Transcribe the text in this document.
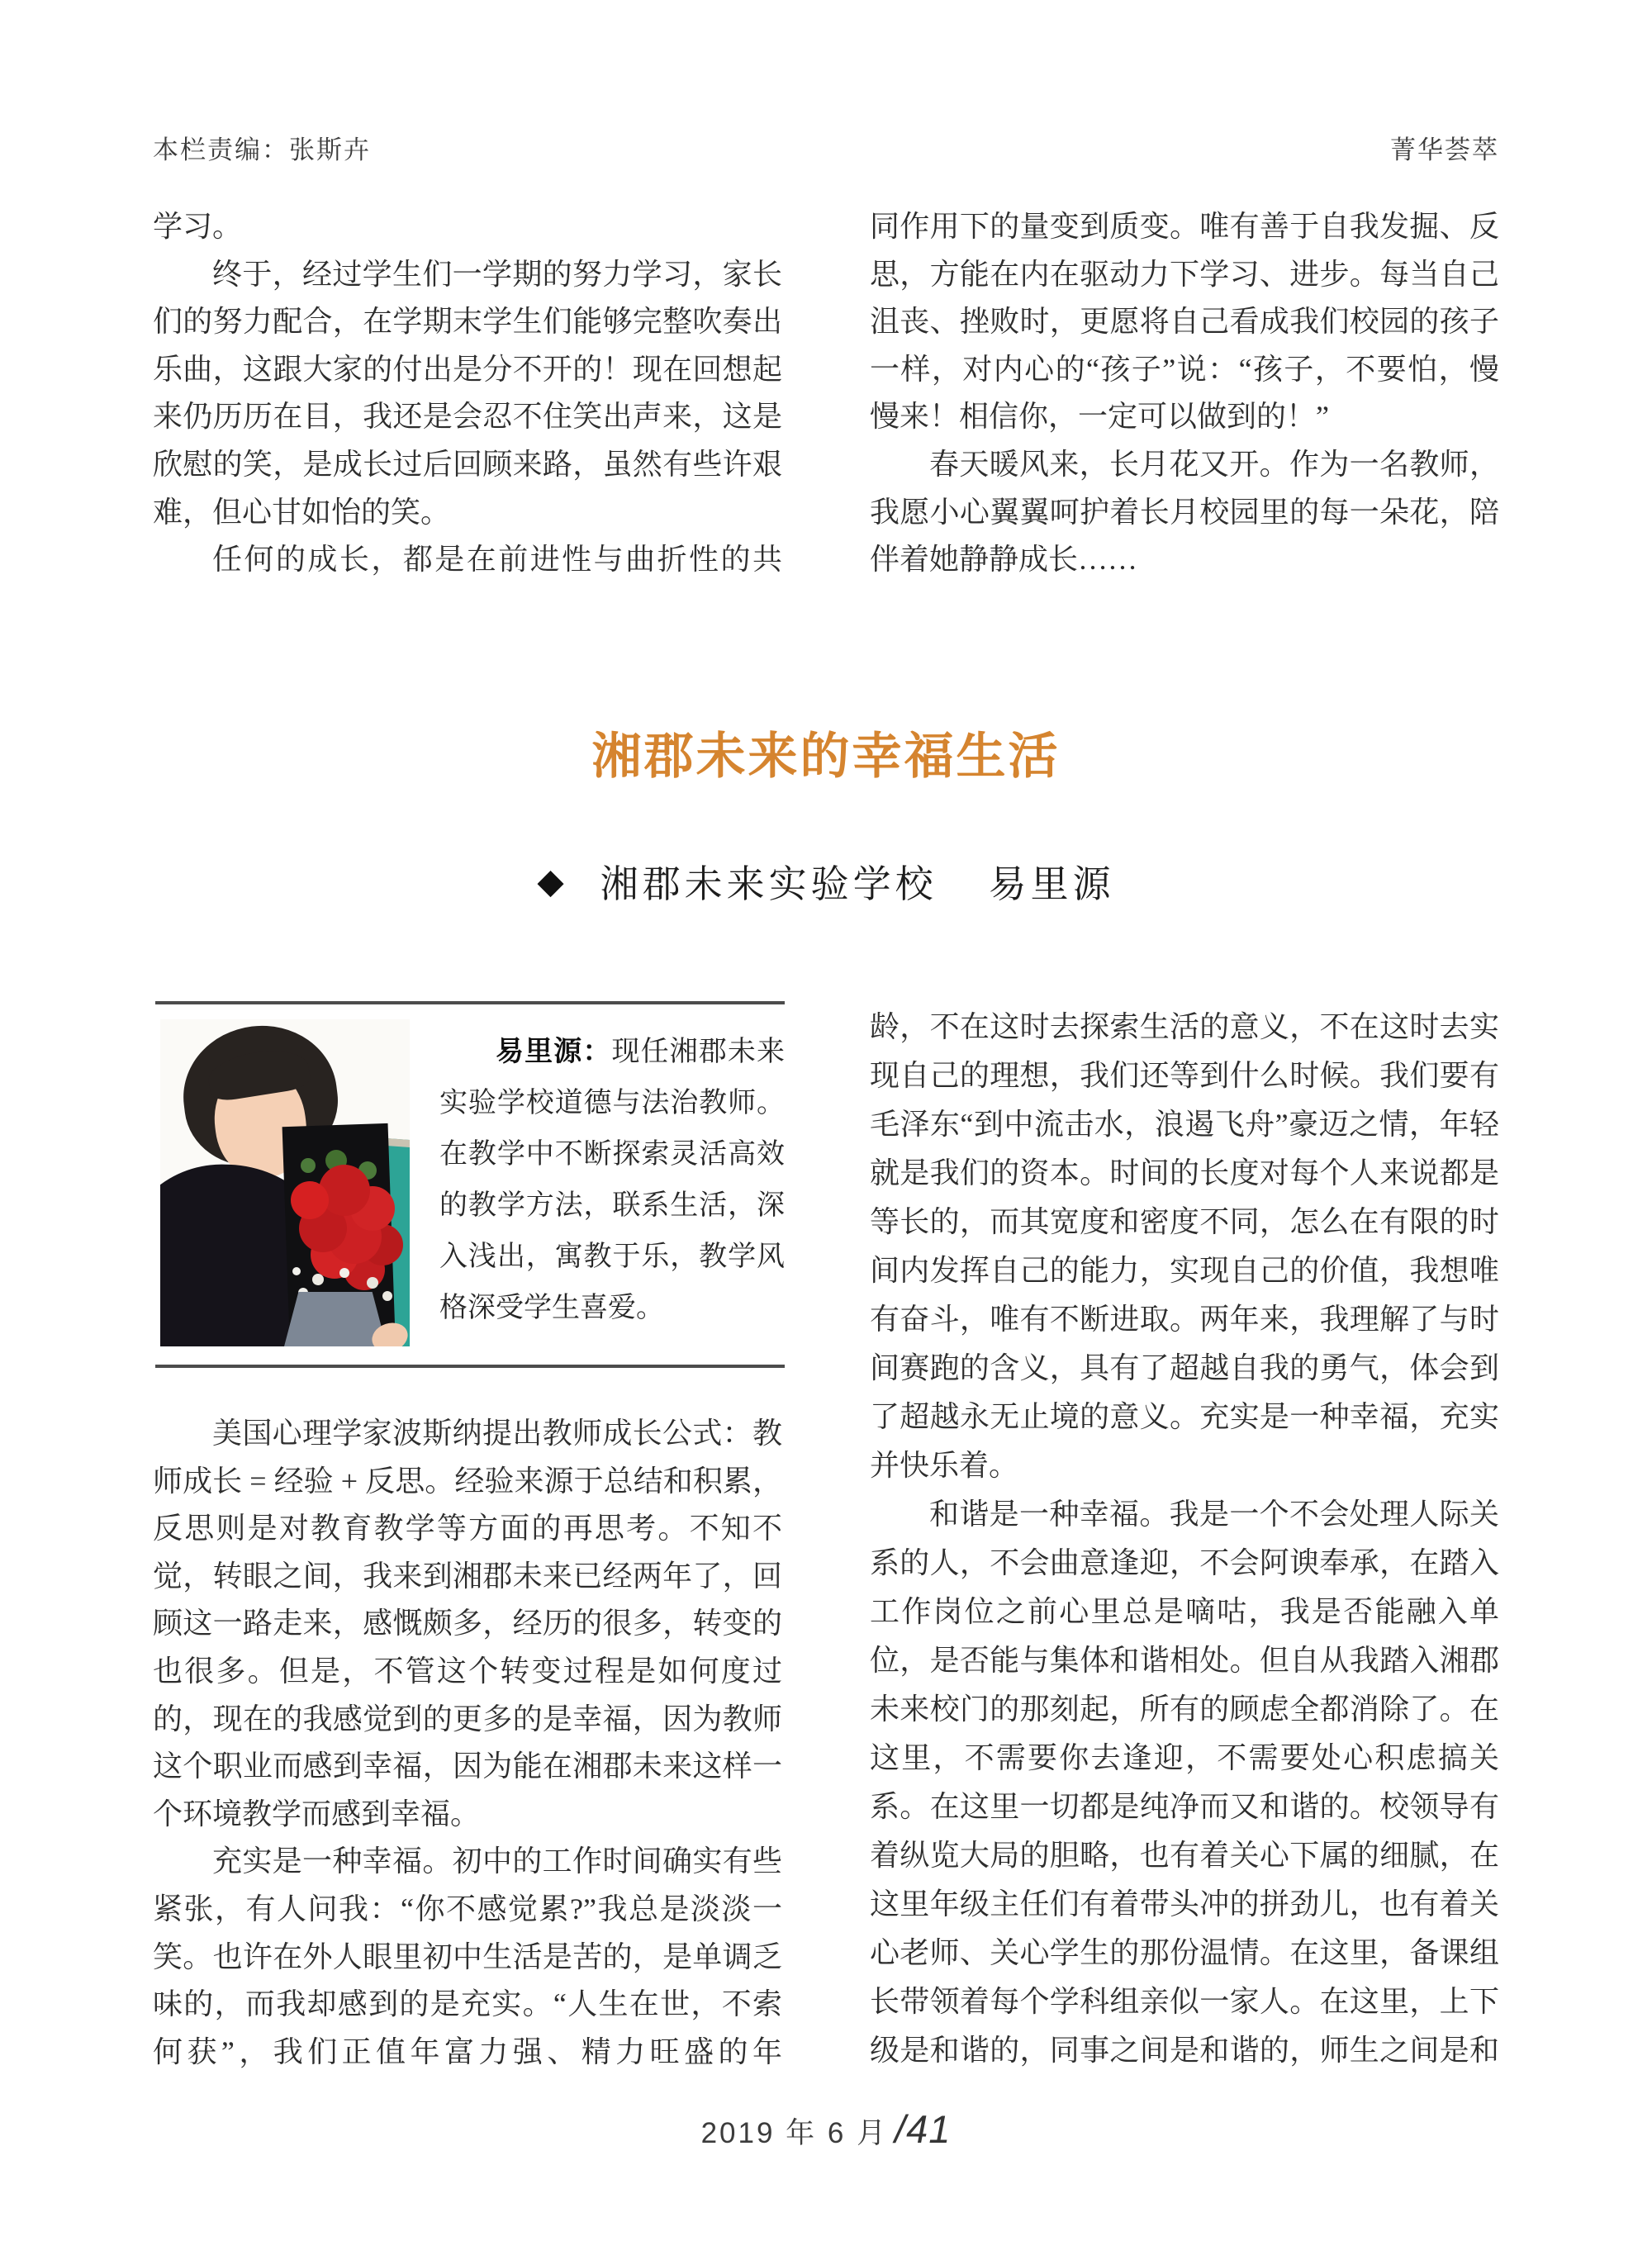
本栏责编：张斯卉	菁华荟萃

学习。

终于，经过学生们一学期的努力学习，家长们的努力配合，在学期末学生们能够完整吹奏出乐曲，这跟大家的付出是分不开的！现在回想起来仍历历在目，我还是会忍不住笑出声来，这是欣慰的笑，是成长过后回顾来路，虽然有些许艰难，但心甘如怡的笑。

任何的成长，都是在前进性与曲折性的共

同作用下的量变到质变。唯有善于自我发掘、反思，方能在内在驱动力下学习、进步。每当自己沮丧、挫败时，更愿将自己看成我们校园的孩子一样，对内心的“孩子”说：“孩子，不要怕，慢慢来！相信你，一定可以做到的！”

春天暖风来，长月花又开。作为一名教师，我愿小心翼翼呵护着长月校园里的每一朵花，陪伴着她静静成长……

湘郡未来的幸福生活
◆ 湘郡未来实验学校 易里源

易里源：现任湘郡未来实验学校道德与法治教师。在教学中不断探索灵活高效的教学方法，联系生活，深入浅出，寓教于乐，教学风格深受学生喜爱。

美国心理学家波斯纳提出教师成长公式：教师成长 = 经验 + 反思。经验来源于总结和积累，反思则是对教育教学等方面的再思考。不知不觉，转眼之间，我来到湘郡未来已经两年了，回顾这一路走来，感慨颇多，经历的很多，转变的也很多。但是，不管这个转变过程是如何度过的，现在的我感觉到的更多的是幸福，因为教师这个职业而感到幸福，因为能在湘郡未来这样一个环境教学而感到幸福。

充实是一种幸福。初中的工作时间确实有些紧张，有人问我：“你不感觉累?”我总是淡淡一笑。也许在外人眼里初中生活是苦的，是单调乏味的，而我却感到的是充实。“人生在世，不索何获”，我们正值年富力强、精力旺盛的年

龄，不在这时去探索生活的意义，不在这时去实现自己的理想，我们还等到什么时候。我们要有毛泽东“到中流击水，浪遏飞舟”豪迈之情，年轻就是我们的资本。时间的长度对每个人来说都是等长的，而其宽度和密度不同，怎么在有限的时间内发挥自己的能力，实现自己的价值，我想唯有奋斗，唯有不断进取。两年来，我理解了与时间赛跑的含义，具有了超越自我的勇气，体会到了超越永无止境的意义。充实是一种幸福，充实并快乐着。

和谐是一种幸福。我是一个不会处理人际关系的人，不会曲意逢迎，不会阿谀奉承，在踏入工作岗位之前心里总是嘀咕，我是否能融入单位，是否能与集体和谐相处。但自从我踏入湘郡未来校门的那刻起，所有的顾虑全都消除了。在这里，不需要你去逢迎，不需要处心积虑搞关系。在这里一切都是纯净而又和谐的。校领导有着纵览大局的胆略，也有着关心下属的细腻，在这里年级主任们有着带头冲的拼劲儿，也有着关心老师、关心学生的那份温情。在这里，备课组长带领着每个学科组亲似一家人。在这里，上下级是和谐的，同事之间是和谐的，师生之间是和

2019 年 6 月 /41
